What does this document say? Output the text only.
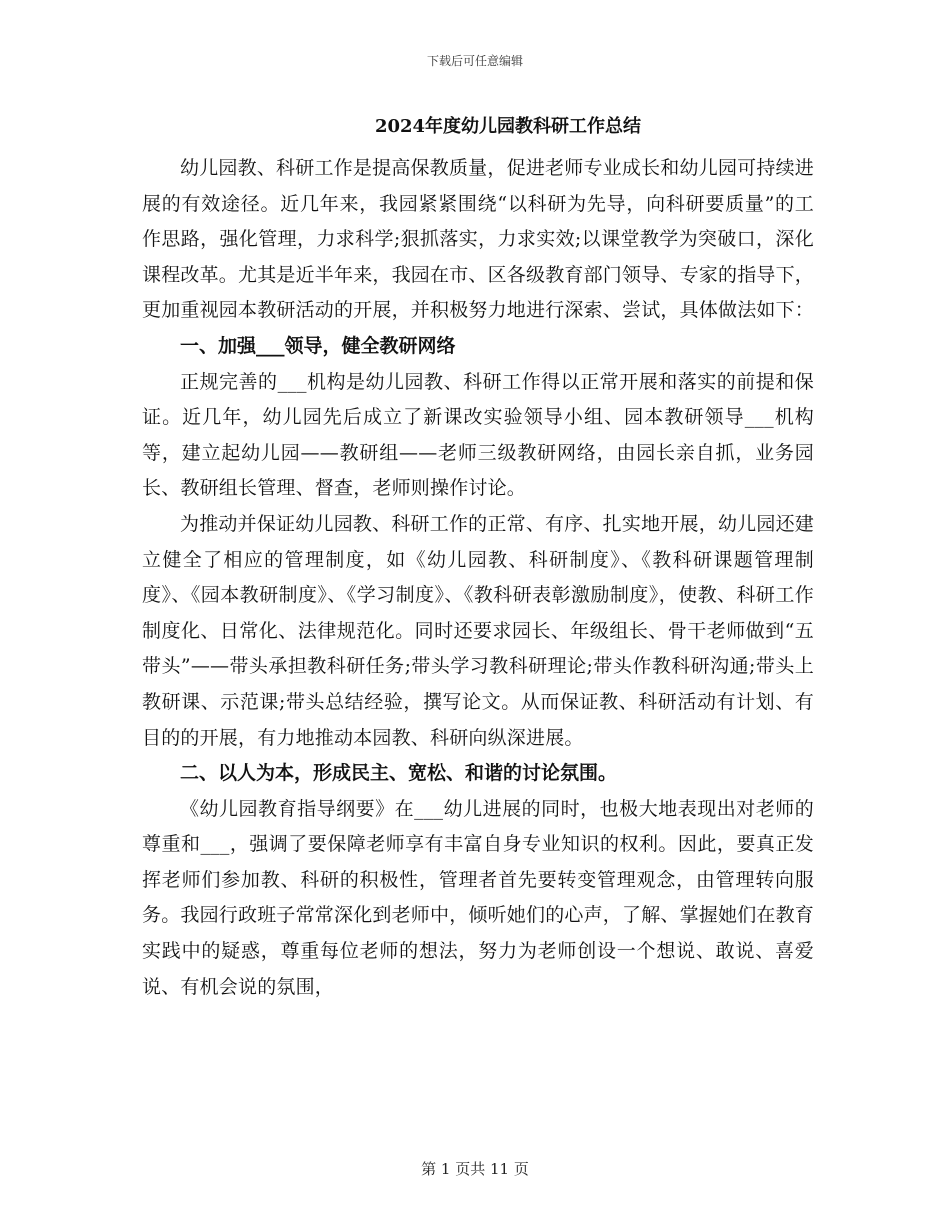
下载后可任意编辑
2024年度幼儿园教科研工作总结

幼儿园教、科研工作是提高保教质量，促进老师专业成长和幼儿园可持续进展的有效途径。近几年来，我园紧紧围绕“以科研为先导，向科研要质量”的工作思路，强化管理，力求科学;狠抓落实，力求实效;以课堂教学为突破口，深化课程改革。尤其是近半年来，我园在市、区各级教育部门领导、专家的指导下，更加重视园本教研活动的开展，并积极努力地进行深索、尝试，具体做法如下：

一、加强___领导，健全教研网络

正规完善的___机构是幼儿园教、科研工作得以正常开展和落实的前提和保证。近几年，幼儿园先后成立了新课改实验领导小组、园本教研领导___机构等，建立起幼儿园——教研组——老师三级教研网络，由园长亲自抓，业务园长、教研组长管理、督查，老师则操作讨论。

为推动并保证幼儿园教、科研工作的正常、有序、扎实地开展，幼儿园还建立健全了相应的管理制度，如《幼儿园教、科研制度》、《教科研课题管理制度》、《园本教研制度》、《学习制度》、《教科研表彰激励制度》，使教、科研工作制度化、日常化、法律规范化。同时还要求园长、年级组长、骨干老师做到“五带头”——带头承担教科研任务;带头学习教科研理论;带头作教科研沟通;带头上教研课、示范课;带头总结经验，撰写论文。从而保证教、科研活动有计划、有目的的开展，有力地推动本园教、科研向纵深进展。

二、以人为本，形成民主、宽松、和谐的讨论氛围。

《幼儿园教育指导纲要》在___幼儿进展的同时，也极大地表现出对老师的尊重和___，强调了要保障老师享有丰富自身专业知识的权利。因此，要真正发挥老师们参加教、科研的积极性，管理者首先要转变管理观念，由管理转向服务。我园行政班子常常深化到老师中，倾听她们的心声，了解、掌握她们在教育实践中的疑惑，尊重每位老师的想法，努力为老师创设一个想说、敢说、喜爱说、有机会说的氛围，

第 1 页共 11 页
